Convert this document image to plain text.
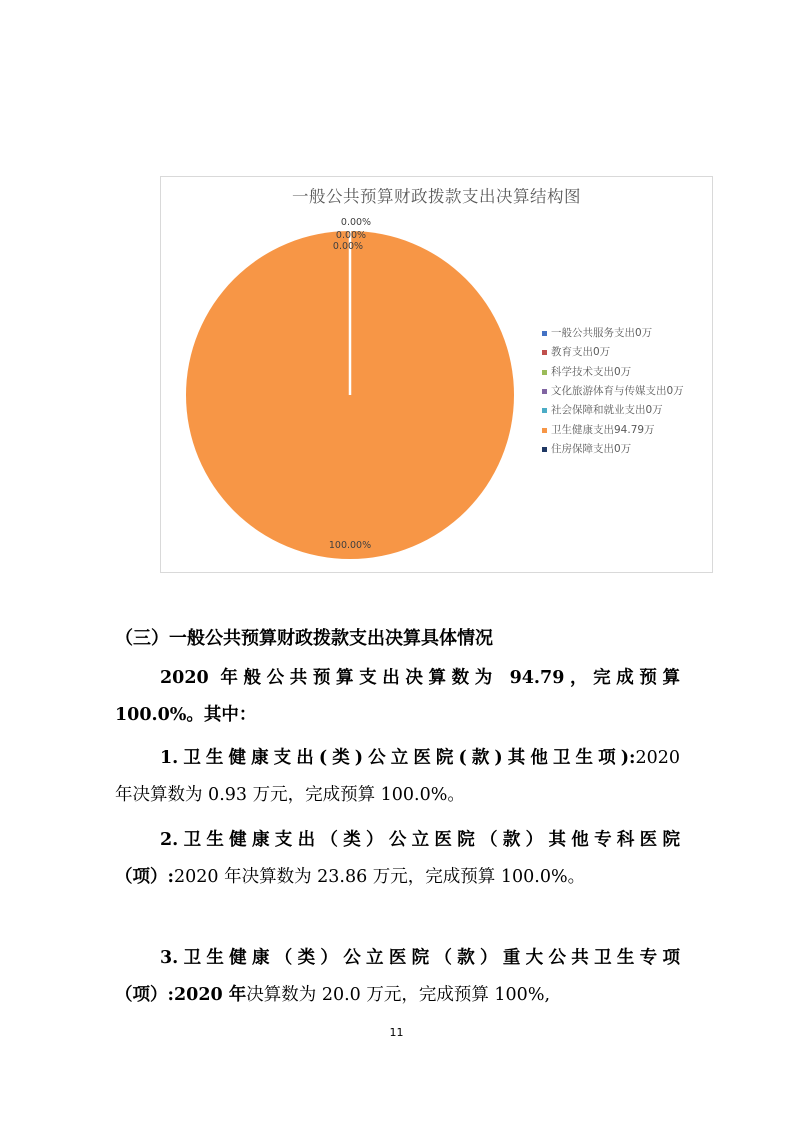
一般公共预算财政拨款支出决算结构图
0.00%
0.00%
0.00%
100.00%
一般公共服务支出0万
教育支出0万
科学技术支出0万
文化旅游体育与传媒支出0万
社会保障和就业支出0万
卫生健康支出94.79万
住房保障支出0万
（三）一般公共预算财政拨款支出决算具体情况

2020 年般公共预算支出决算数为 94.79，完成预算

100.0%。其中：

1.卫生健康支出(类)公立医院(款)其他卫生项):2020

年决算数为 0.93 万元，完成预算 100.0%。

2.卫生健康支出（类）公立医院（款）其他专科医院

（项）:2020 年决算数为 23.86 万元，完成预算 100.0%。

3.卫生健康（类）公立医院（款）重大公共卫生专项

（项）:2020 年决算数为 20.0 万元，完成预算 100%,

11
